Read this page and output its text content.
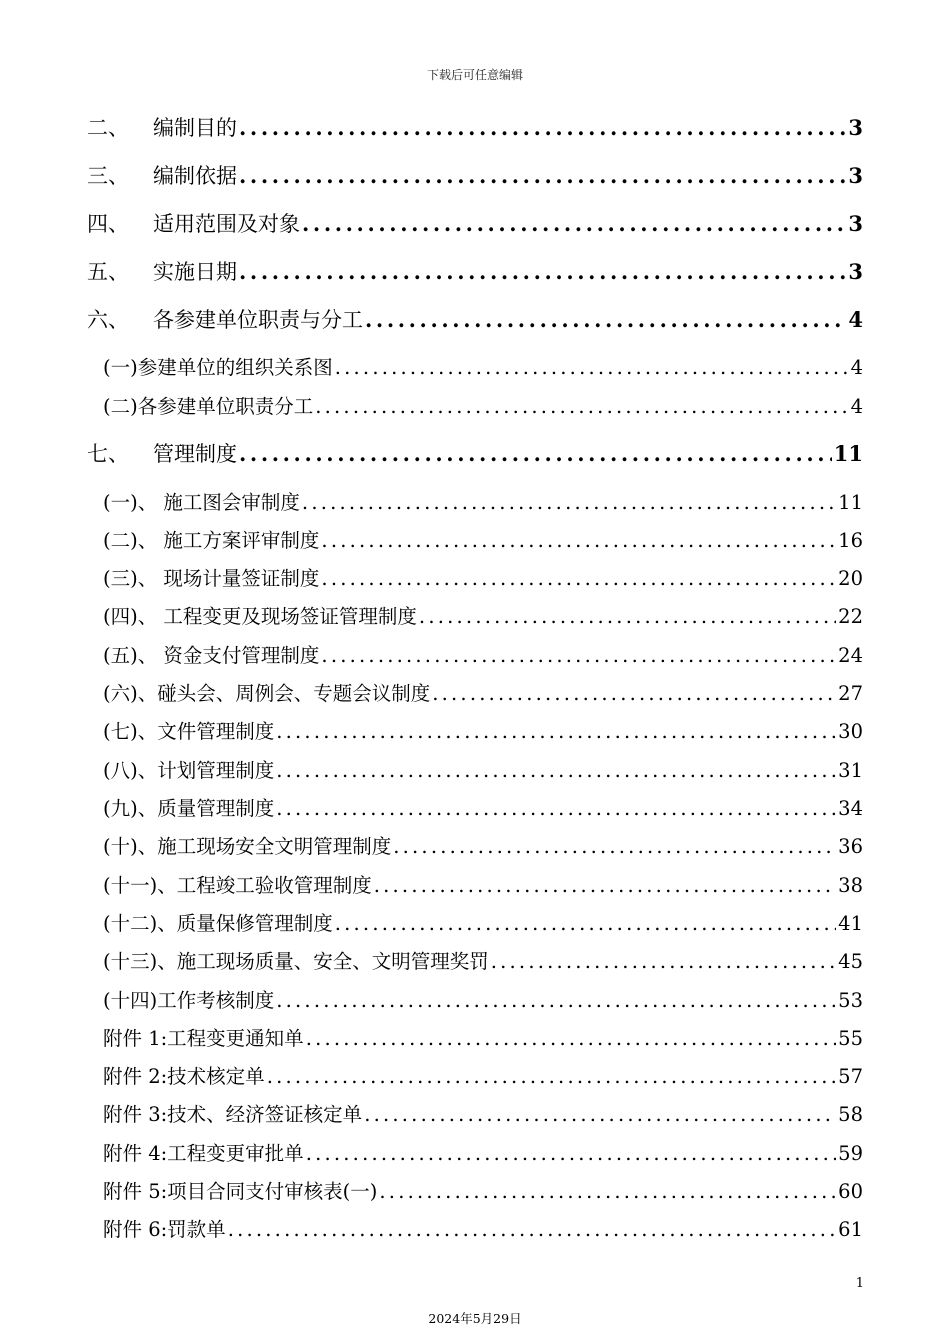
下载后可任意编辑
二、	编制目的 .....	3
三、	编制依据 .....	3
四、	适用范围及对象 .....	3
五、	实施日期 .....	3
六、	各参建单位职责与分工 .....	4
(一)参建单位的组织关系图 .....	4
(二)各参建单位职责分工 .....	4
七、	管理制度 .....	11
(一)、 施工图会审制度 .....	11
(二)、 施工方案评审制度 .....	16
(三)、 现场计量签证制度 .....	20
(四)、 工程变更及现场签证管理制度 .....	22
(五)、 资金支付管理制度 .....	24
(六)、碰头会、周例会、专题会议制度 .....	27
(七)、文件管理制度 .....	30
(八)、计划管理制度 .....	31
(九)、质量管理制度 .....	34
(十)、施工现场安全文明管理制度 .....	36
(十一)、工程竣工验收管理制度 .....	38
(十二)、质量保修管理制度 .....	41
(十三)、施工现场质量、安全、文明管理奖罚 .....	45
(十四)工作考核制度 .....	53
附件 1:工程变更通知单 .....	55
附件 2:技术核定单 .....	57
附件 3:技术、经济签证核定单 .....	58
附件 4:工程变更审批单 .....	59
附件 5:项目合同支付审核表(一) .....	60
附件 6:罚款单 .....	61
1
2024年5月29日
